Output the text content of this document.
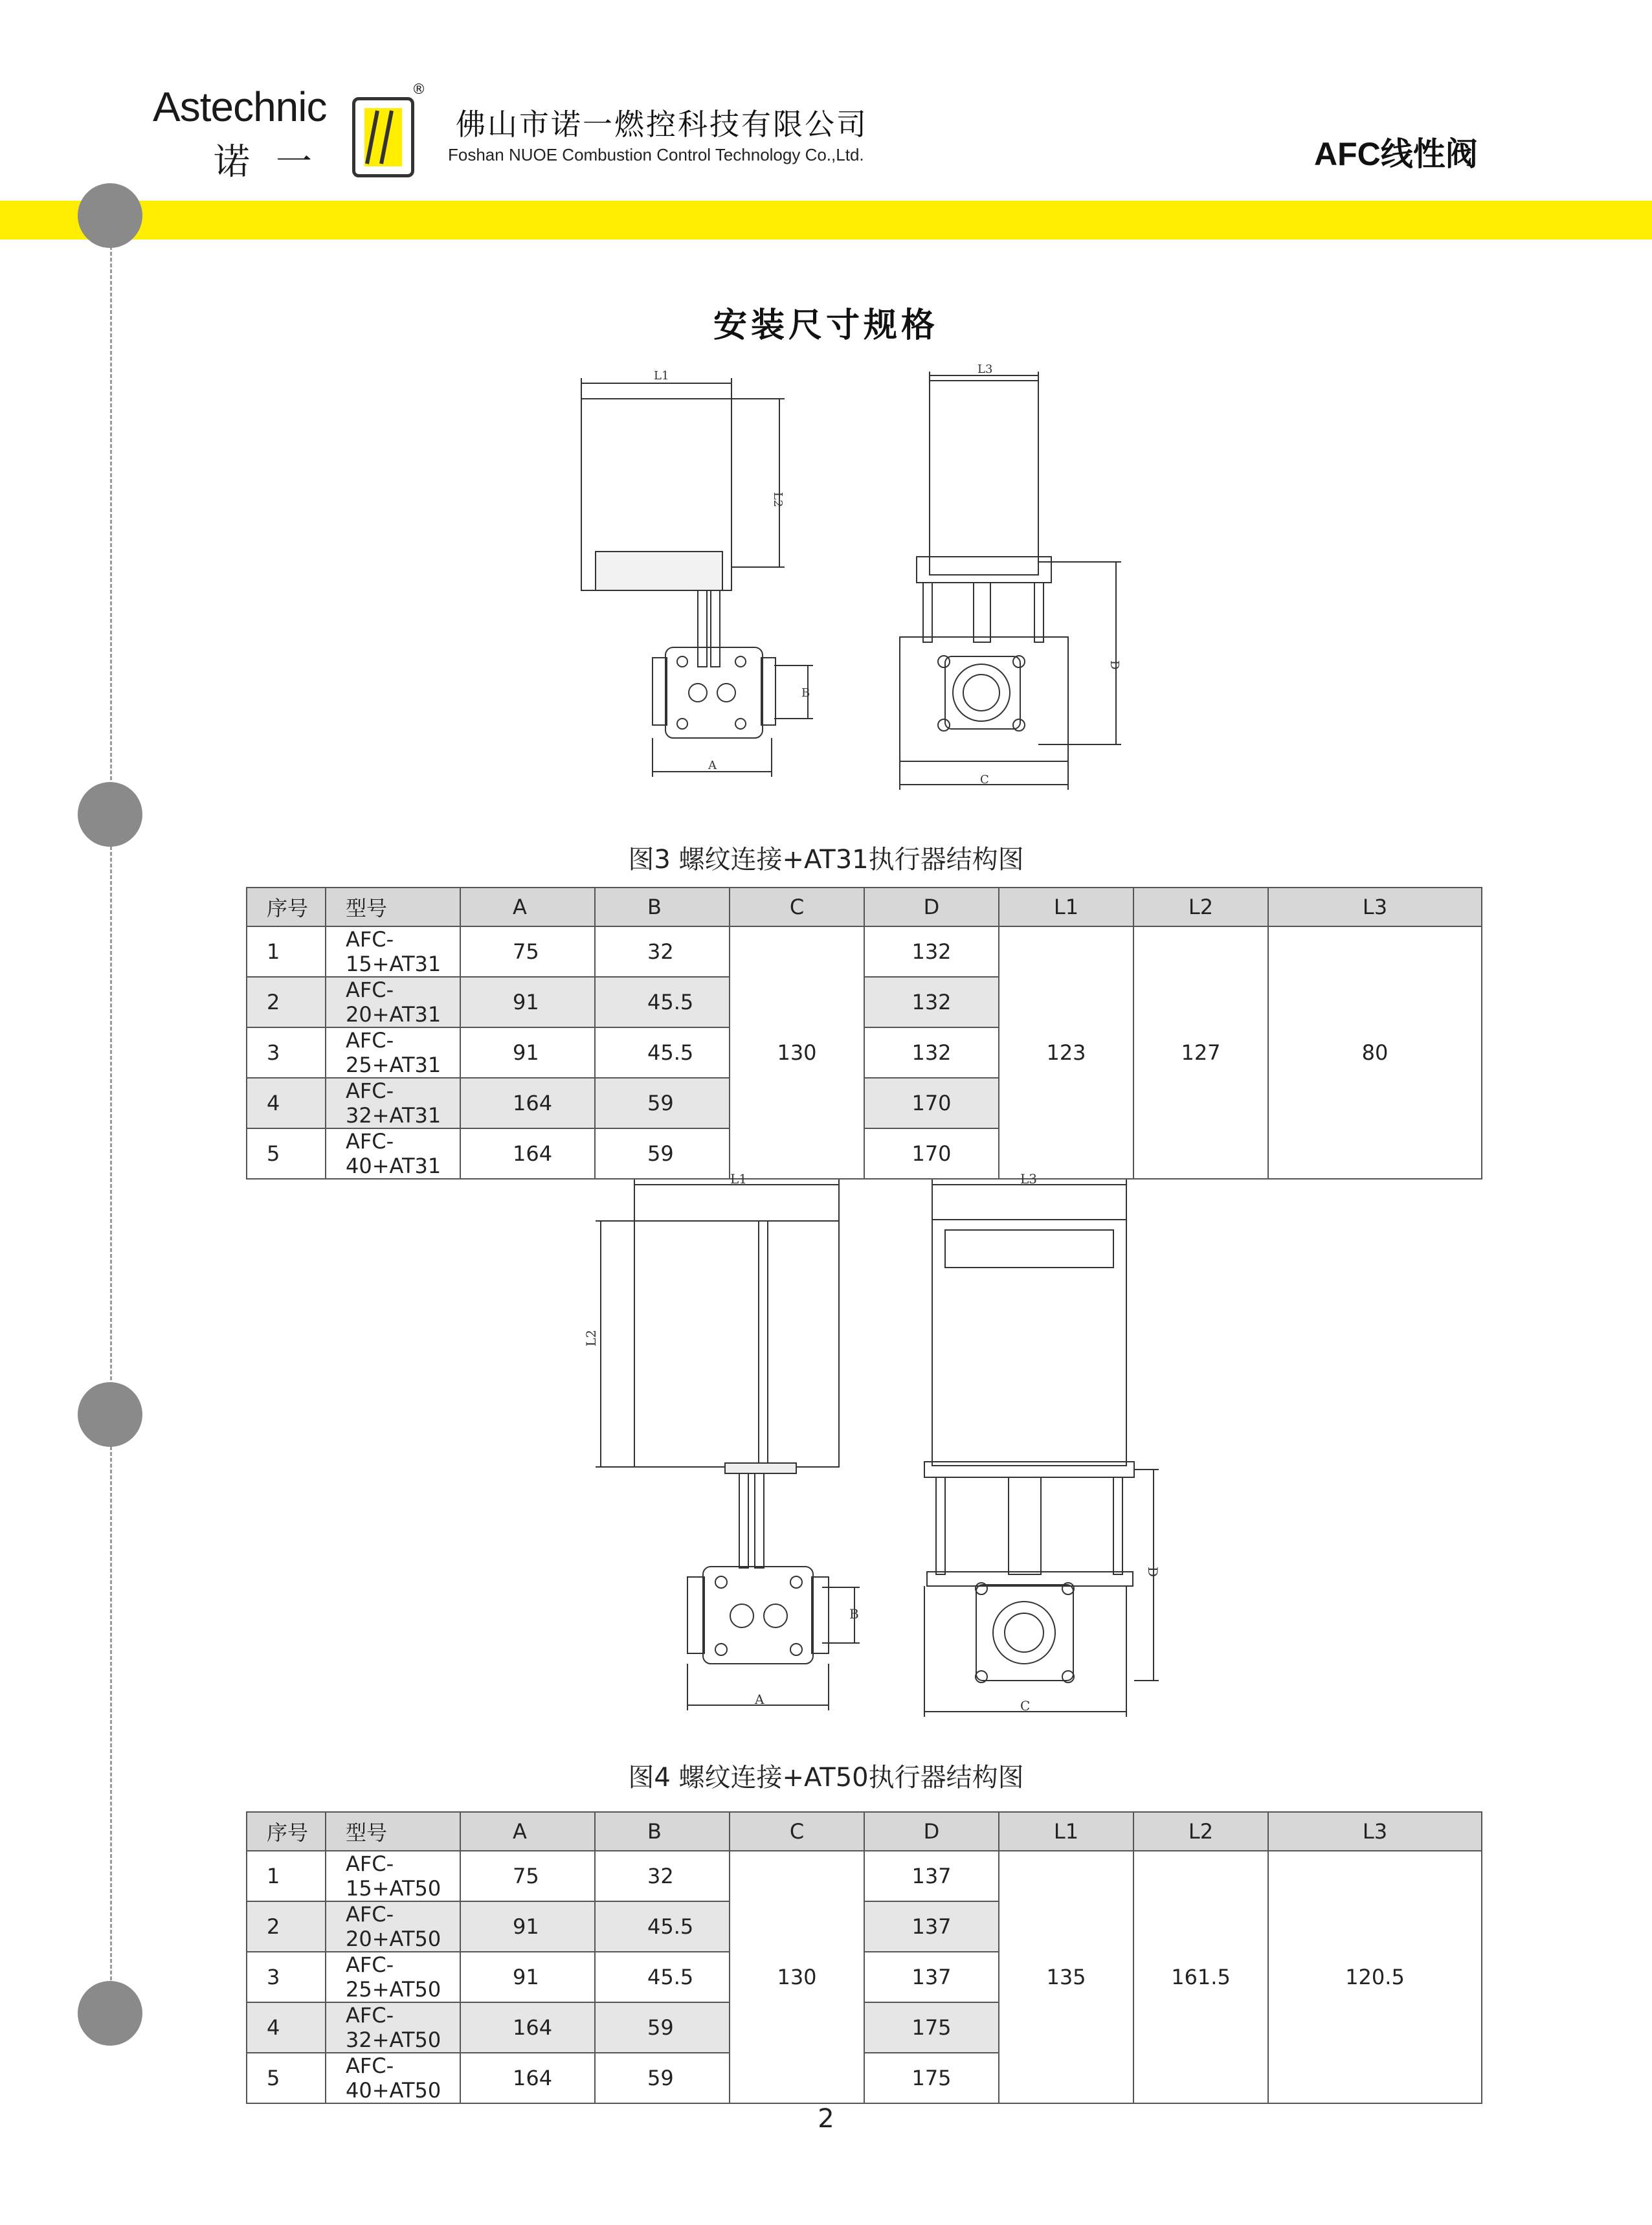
Astechnic
诺一
®
佛山市诺一燃控科技有限公司
Foshan NUOE Combustion Control Technology Co.,Ltd.	AFC线性阀
安装尺寸规格
L1
L2
B
A
L3
D
C
图3 螺纹连接+AT31执行器结构图
序号	型号	A	B	C	D	L1	L2	L3
1	AFC-15+AT31	75	32	130	132	123	127	80
2	AFC-20+AT31	91	45.5		132			
3	AFC-25+AT31	91	45.5		132			
4	AFC-32+AT31	164	59		170			
5	AFC-40+AT31	164	59		170			
L1
L2
B
A
L3
D
C
图4 螺纹连接+AT50执行器结构图
序号	型号	A	B	C	D	L1	L2	L3
1	AFC-15+AT50	75	32	130	137	135	161.5	120.5
2	AFC-20+AT50	91	45.5		137			
3	AFC-25+AT50	91	45.5		137			
4	AFC-32+AT50	164	59		175			
5	AFC-40+AT50	164	59		175			
2
